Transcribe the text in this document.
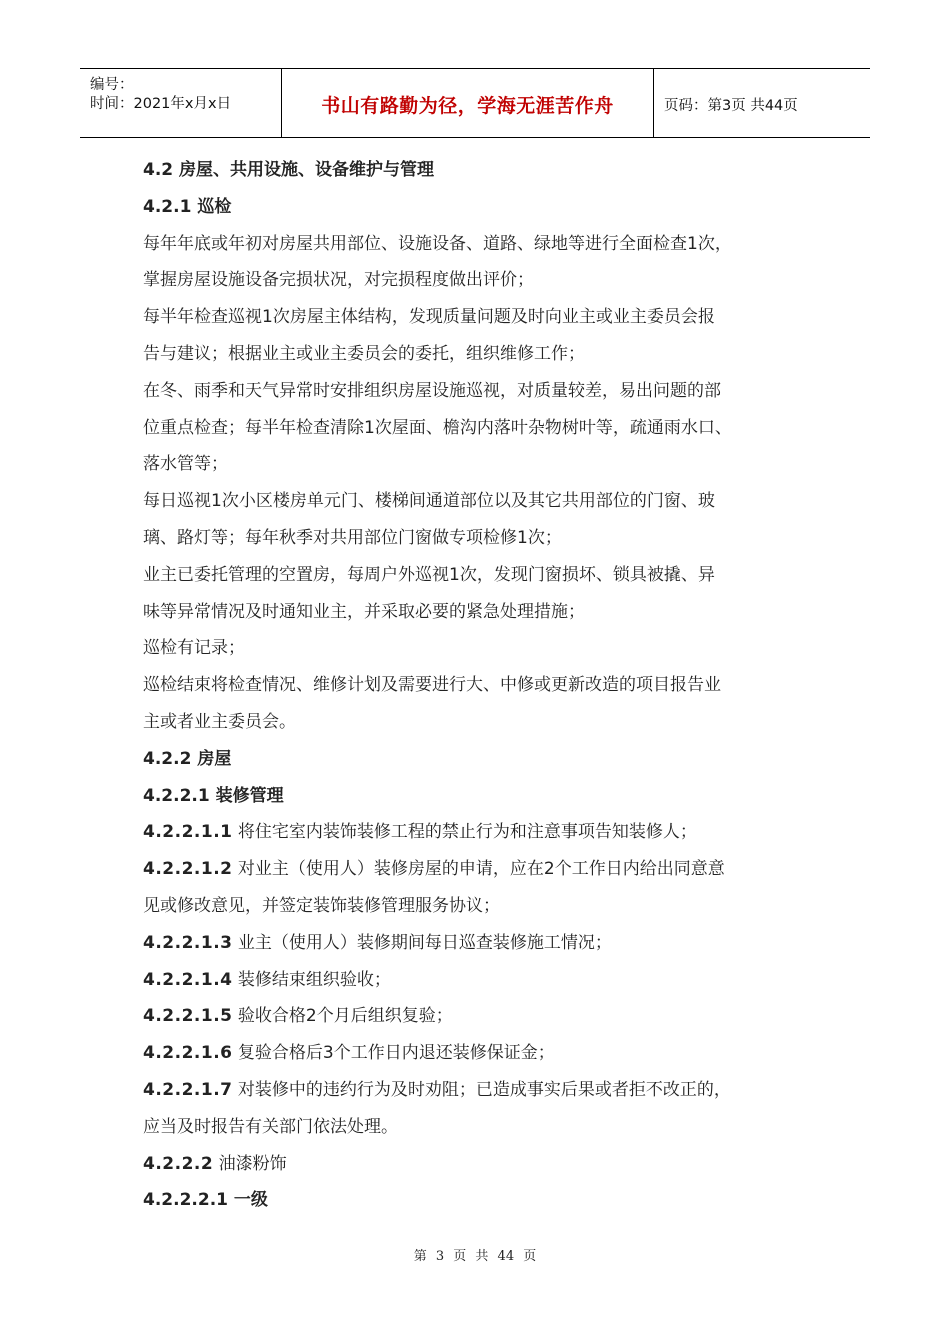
编号：
时间：2021年x月x日	书山有路勤为径，学海无涯苦作舟	页码：第3页 共44页
4.2 房屋、共用设施、设备维护与管理
4.2.1 巡检
每年年底或年初对房屋共用部位、设施设备、道路、绿地等进行全面检查1次，
掌握房屋设施设备完损状况，对完损程度做出评价；
每半年检查巡视1次房屋主体结构，发现质量问题及时向业主或业主委员会报
告与建议；根据业主或业主委员会的委托，组织维修工作；
在冬、雨季和天气异常时安排组织房屋设施巡视，对质量较差，易出问题的部
位重点检查；每半年检查清除1次屋面、檐沟内落叶杂物树叶等，疏通雨水口、
落水管等；
每日巡视1次小区楼房单元门、楼梯间通道部位以及其它共用部位的门窗、玻
璃、路灯等；每年秋季对共用部位门窗做专项检修1次；
业主已委托管理的空置房，每周户外巡视1次，发现门窗损坏、锁具被撬、异
味等异常情况及时通知业主，并采取必要的紧急处理措施；
巡检有记录；
巡检结束将检查情况、维修计划及需要进行大、中修或更新改造的项目报告业
主或者业主委员会。
4.2.2 房屋
4.2.2.1 装修管理
4.2.2.1.1 将住宅室内装饰装修工程的禁止行为和注意事项告知装修人；
4.2.2.1.2 对业主（使用人）装修房屋的申请，应在2个工作日内给出同意意
见或修改意见，并签定装饰装修管理服务协议；
4.2.2.1.3 业主（使用人）装修期间每日巡查装修施工情况；
4.2.2.1.4 装修结束组织验收；
4.2.2.1.5 验收合格2个月后组织复验；
4.2.2.1.6 复验合格后3个工作日内退还装修保证金；
4.2.2.1.7 对装修中的违约行为及时劝阻；已造成事实后果或者拒不改正的，
应当及时报告有关部门依法处理。
4.2.2.2 油漆粉饰
4.2.2.2.1 一级
第 3 页 共 44 页
